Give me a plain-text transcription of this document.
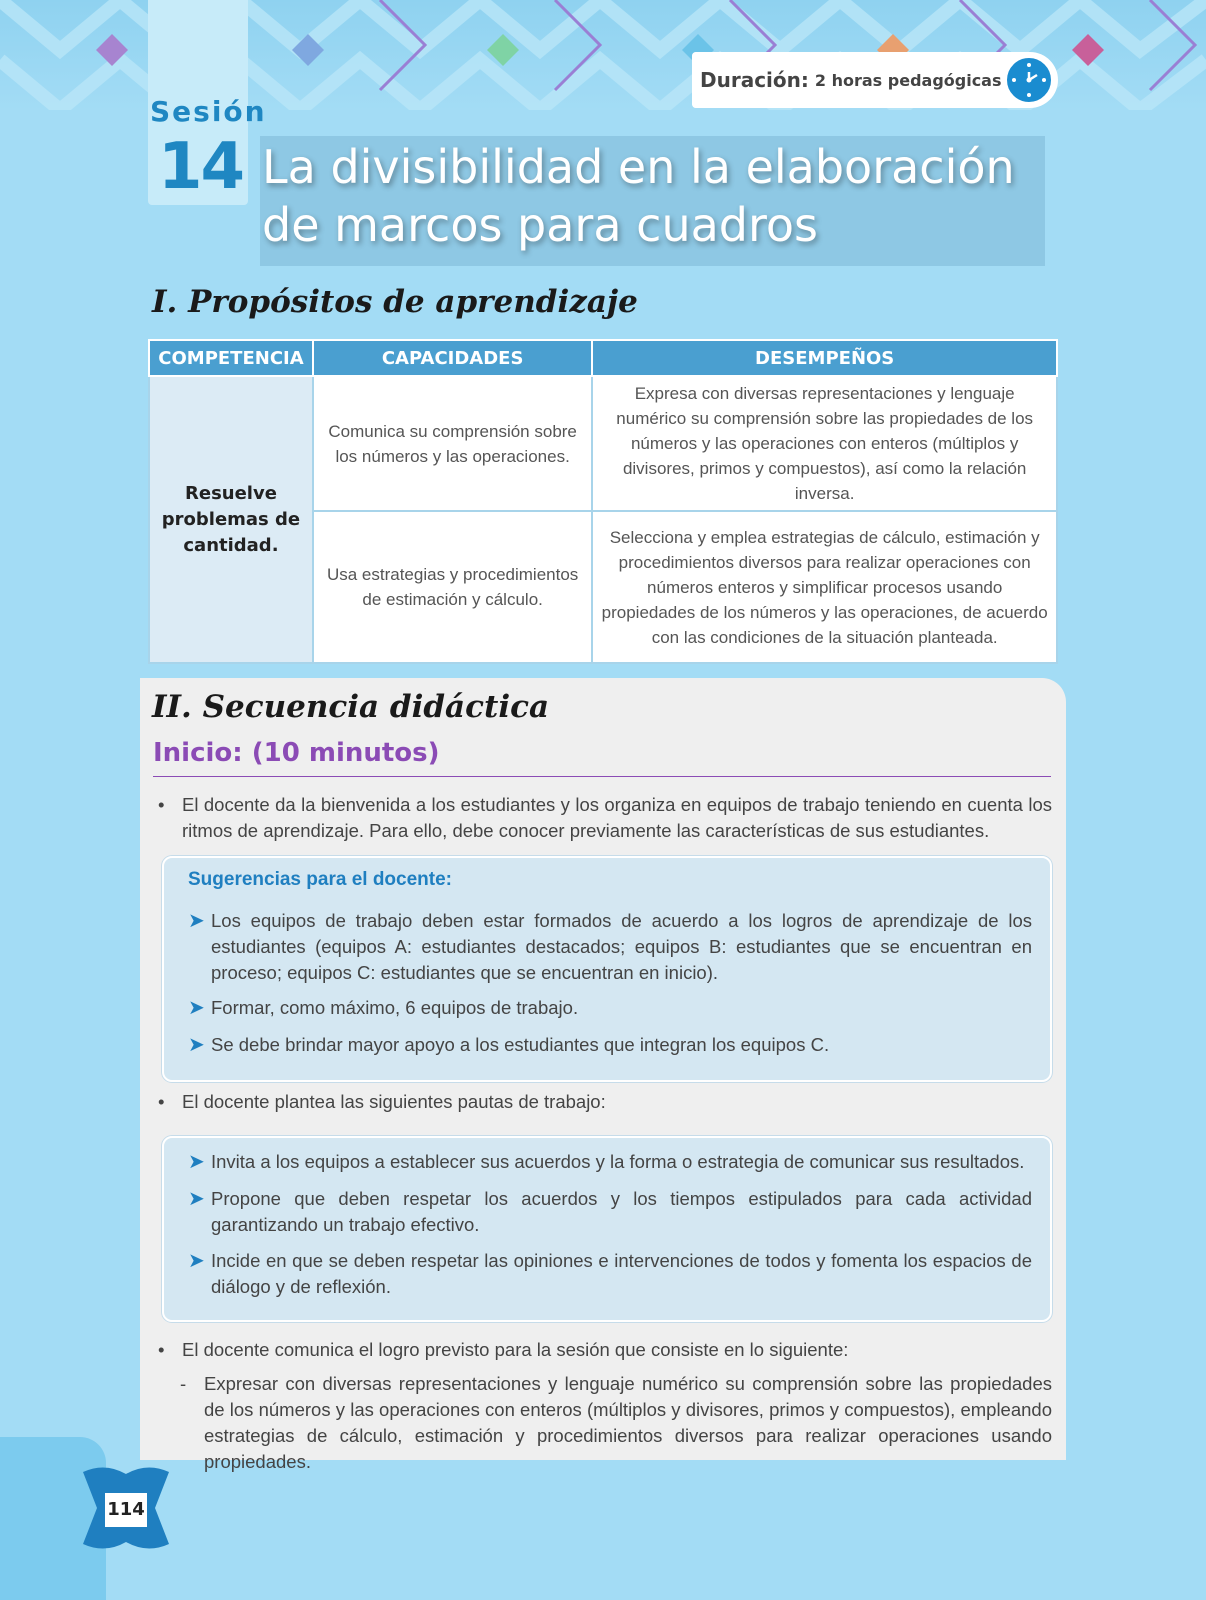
Sesión
14 La divisibilidad en la elaboración de marcos para cuadros
Duración: 2 horas pedagógicas
I. Propósitos de aprendizaje
COMPETENCIA	CAPACIDADES	DESEMPEÑOS
Resuelve problemas de cantidad.	Comunica su comprensión sobre los números y las operaciones.	Expresa con diversas representaciones y lenguaje numérico su comprensión sobre las propiedades de los números y las operaciones con enteros (múltiplos y divisores, primos y compuestos), así como la relación inversa.
	Usa estrategias y procedimientos de estimación y cálculo.	Selecciona y emplea estrategias de cálculo, estimación y procedimientos diversos para realizar operaciones con números enteros y simplificar procesos usando propiedades de los números y las operaciones, de acuerdo con las condiciones de la situación planteada.
II. Secuencia didáctica
Inicio: (10 minutos)
• El docente da la bienvenida a los estudiantes y los organiza en equipos de trabajo teniendo en cuenta los ritmos de aprendizaje. Para ello, debe conocer previamente las características de sus estudiantes.
Sugerencias para el docente:
➤ Los equipos de trabajo deben estar formados de acuerdo a los logros de aprendizaje de los estudiantes (equipos A: estudiantes destacados; equipos B: estudiantes que se encuentran en proceso; equipos C: estudiantes que se encuentran en inicio).
➤ Formar, como máximo, 6 equipos de trabajo.
➤ Se debe brindar mayor apoyo a los estudiantes que integran los equipos C.
• El docente plantea las siguientes pautas de trabajo:
➤ Invita a los equipos a establecer sus acuerdos y la forma o estrategia de comunicar sus resultados.
➤ Propone que deben respetar los acuerdos y los tiempos estipulados para cada actividad garantizando un trabajo efectivo.
➤ Incide en que se deben respetar las opiniones e intervenciones de todos y fomenta los espacios de diálogo y de reflexión.
• El docente comunica el logro previsto para la sesión que consiste en lo siguiente:
- Expresar con diversas representaciones y lenguaje numérico su comprensión sobre las propiedades de los números y las operaciones con enteros (múltiplos y divisores, primos y compuestos), empleando estrategias de cálculo, estimación y procedimientos diversos para realizar operaciones usando propiedades.
114
